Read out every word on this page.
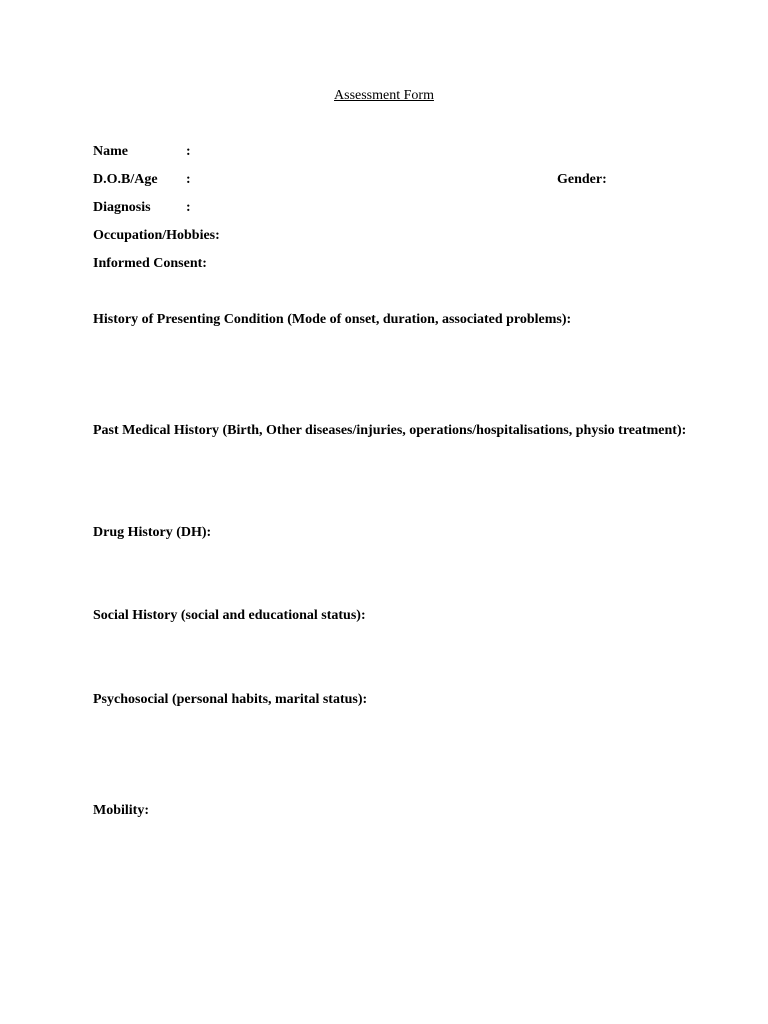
Assessment Form
Name	:
D.O.B/Age :	Gender:
Diagnosis	:
Occupation/Hobbies:
Informed Consent:
History of Presenting Condition (Mode of onset, duration, associated problems):
Past Medical History (Birth, Other diseases/injuries, operations/hospitalisations, physio treatment):
Drug History (DH):
Social History (social and educational status):
Psychosocial (personal habits, marital status):
Mobility:
